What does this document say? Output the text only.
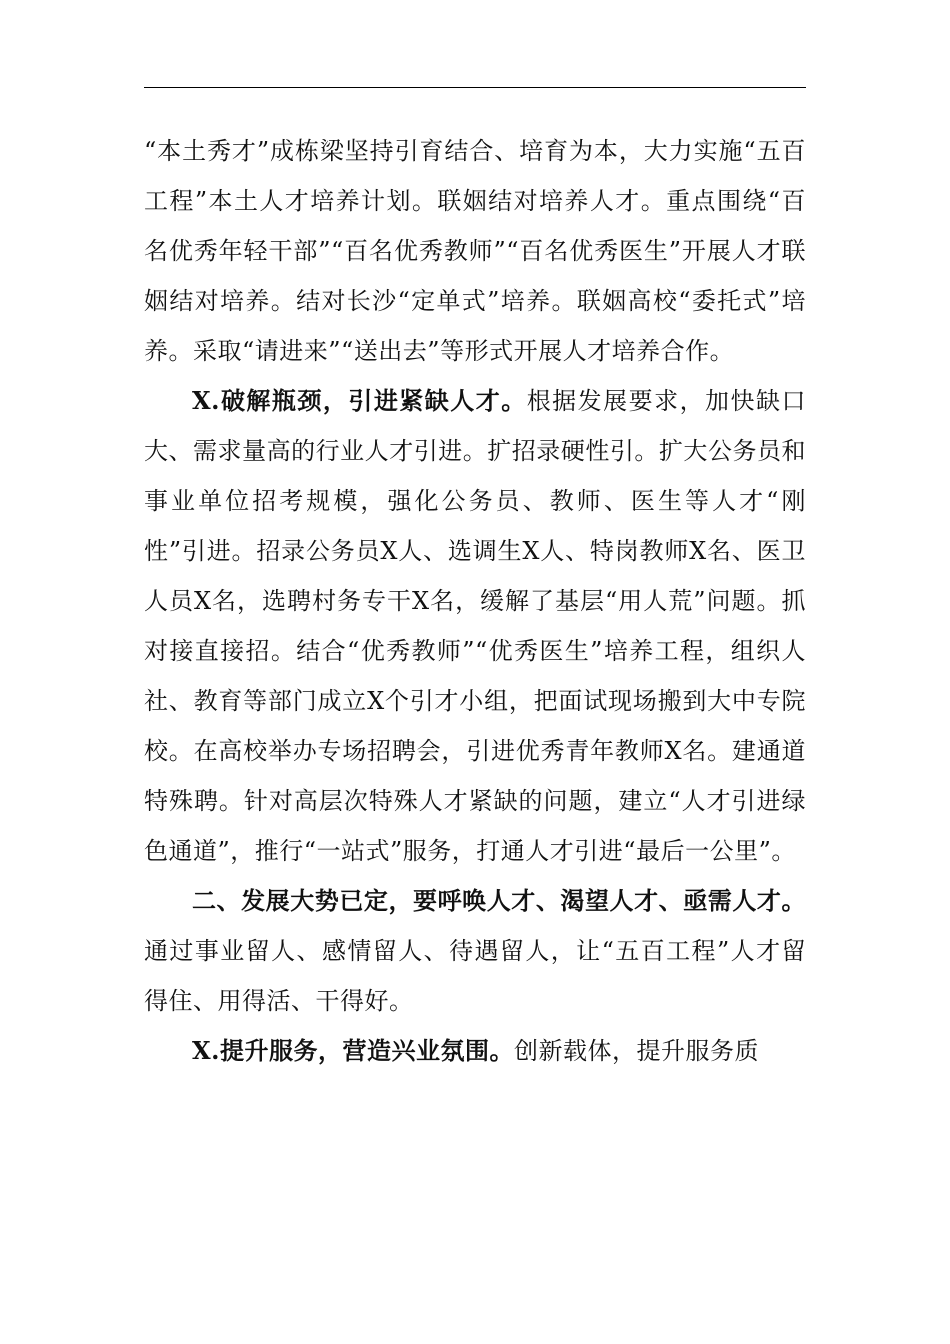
“本土秀才”成栋梁坚持引育结合、培育为本，大力实施“五百工程”本土人才培养计划。联姻结对培养人才。重点围绕“百名优秀年轻干部”“百名优秀教师”“百名优秀医生”开展人才联姻结对培养。结对长沙“定单式”培养。联姻高校“委托式”培养。采取“请进来”“送出去”等形式开展人才培养合作。

X.破解瓶颈，引进紧缺人才。根据发展要求，加快缺口大、需求量高的行业人才引进。扩招录硬性引。扩大公务员和事业单位招考规模，强化公务员、教师、医生等人才“刚性”引进。招录公务员X人、选调生X人、特岗教师X名、医卫人员X名，选聘村务专干X名，缓解了基层“用人荒”问题。抓对接直接招。结合“优秀教师”“优秀医生”培养工程，组织人社、教育等部门成立X个引才小组，把面试现场搬到大中专院校。在高校举办专场招聘会，引进优秀青年教师X名。建通道特殊聘。针对高层次特殊人才紧缺的问题，建立“人才引进绿色通道”，推行“一站式”服务，打通人才引进“最后一公里”。

二、发展大势已定，要呼唤人才、渴望人才、亟需人才。通过事业留人、感情留人、待遇留人，让“五百工程”人才留得住、用得活、干得好。

X.提升服务，营造兴业氛围。创新载体，提升服务质
